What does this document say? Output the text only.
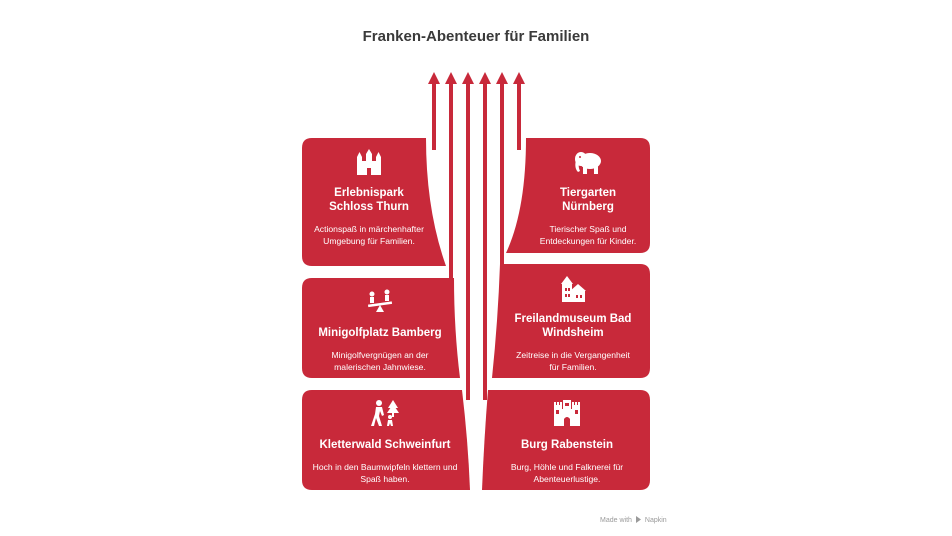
Franken-Abenteuer für Familien
Erlebnispark Schloss Thurn
Actionspaß in märchenhafter Umgebung für Familien.
Tiergarten Nürnberg
Tierischer Spaß und Entdeckungen für Kinder.
Minigolfplatz Bamberg
Minigolfvergnügen an der malerischen Jahnwiese.
Freilandmuseum Bad Windsheim
Zeitreise in die Vergangenheit für Familien.
Kletterwald Schweinfurt
Hoch in den Baumwipfeln klettern und Spaß haben.
Burg Rabenstein
Burg, Höhle und Falknerei für Abenteuerlustige.
Made with Napkin
